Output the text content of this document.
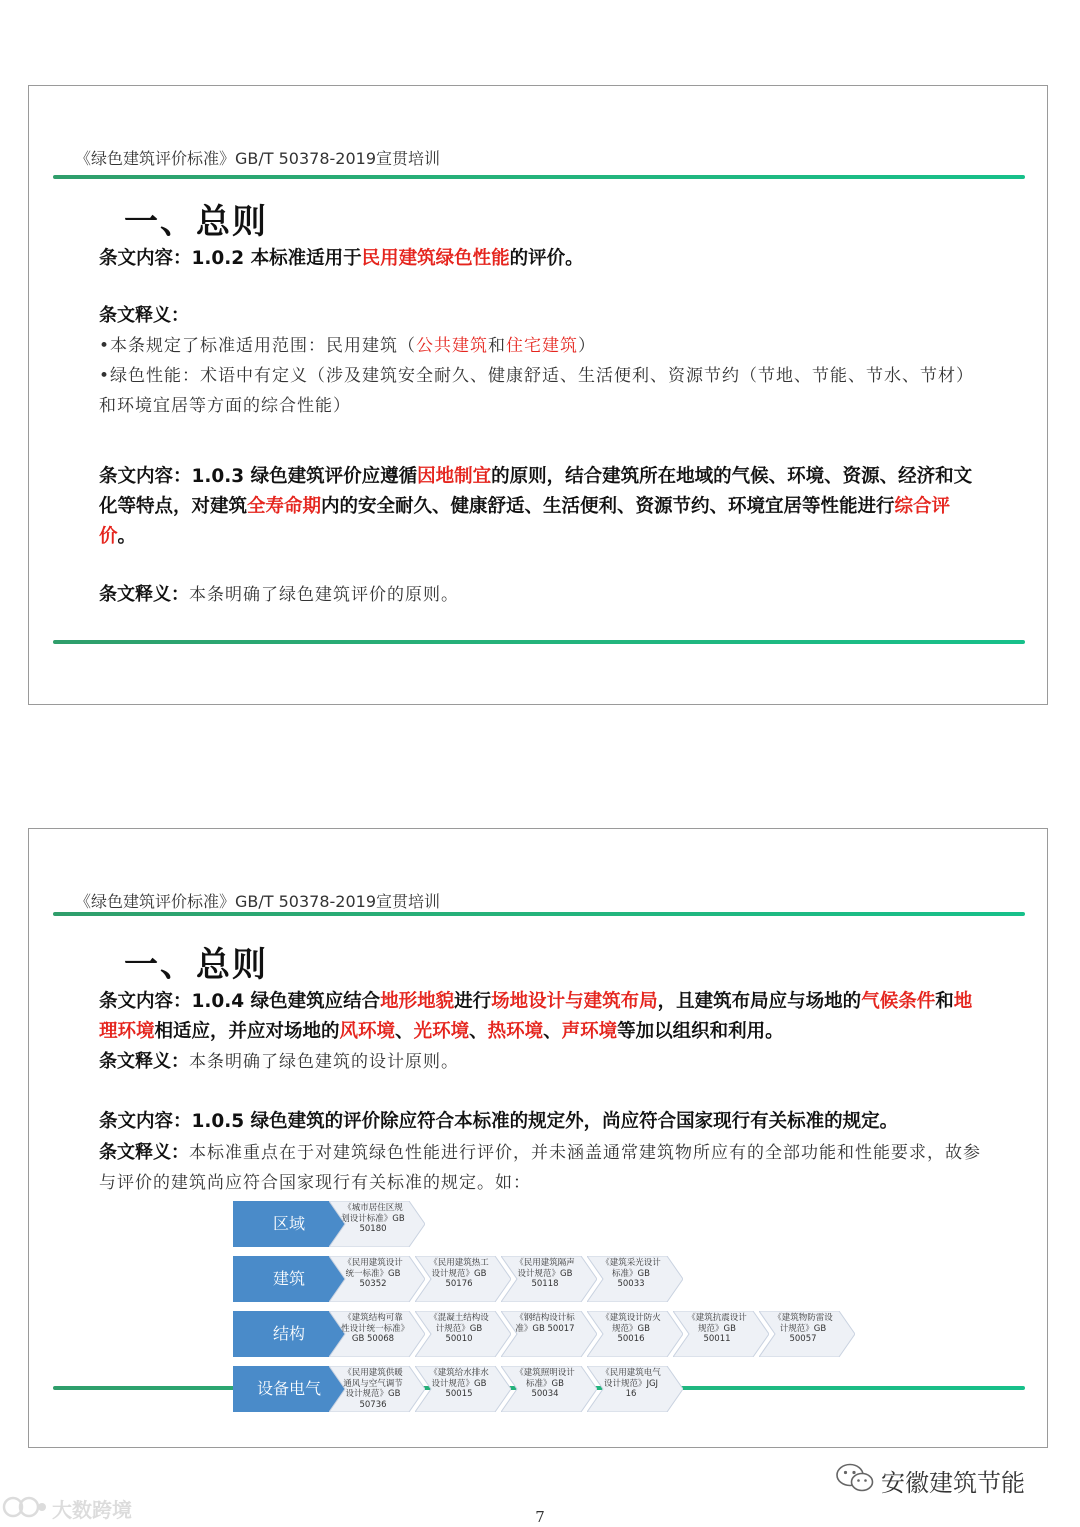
《绿色建筑评价标准》GB/T 50378-2019宣贯培训
一、总则
条文内容：1.0.2 本标准适用于民用建筑绿色性能的评价。
条文释义：
•本条规定了标准适用范围：民用建筑（公共建筑和住宅建筑）
•绿色性能：术语中有定义（涉及建筑安全耐久、健康舒适、生活便利、资源节约（节地、节能、节水、节材）和环境宜居等方面的综合性能）
条文内容：1.0.3 绿色建筑评价应遵循因地制宜的原则，结合建筑所在地域的气候、环境、资源、经济和文化等特点，对建筑全寿命期内的安全耐久、健康舒适、生活便利、资源节约、环境宜居等性能进行综合评价。
条文释义：本条明确了绿色建筑评价的原则。
《绿色建筑评价标准》GB/T 50378-2019宣贯培训
一、总则
条文内容：1.0.4 绿色建筑应结合地形地貌进行场地设计与建筑布局，且建筑布局应与场地的气候条件和地理环境相适应，并应对场地的风环境、光环境、热环境、声环境等加以组织和利用。
条文释义：本条明确了绿色建筑的设计原则。
条文内容：1.0.5 绿色建筑的评价除应符合本标准的规定外，尚应符合国家现行有关标准的规定。
条文释义：本标准重点在于对建筑绿色性能进行评价，并未涵盖通常建筑物所应有的全部功能和性能要求，故参与评价的建筑尚应符合国家现行有关标准的规定。如：
区域
《城市居住区规划设计标准》GB 50180
建筑
《民用建筑设计统一标准》GB 50352
《民用建筑热工设计规范》GB 50176
《民用建筑隔声设计规范》GB 50118
《建筑采光设计标准》GB 50033
结构
《建筑结构可靠性设计统一标准》GB 50068
《混凝土结构设计规范》GB 50010
《钢结构设计标准》GB 50017
《建筑设计防火规范》GB 50016
《建筑抗震设计规范》GB 50011
《建筑物防雷设计规范》GB 50057
设备电气
《民用建筑供暖通风与空气调节设计规范》GB 50736
《建筑给水排水设计规范》GB 50015
《建筑照明设计标准》GB 50034
《民用建筑电气设计规范》JGJ 16
安徽建筑节能
大数跨境	7
